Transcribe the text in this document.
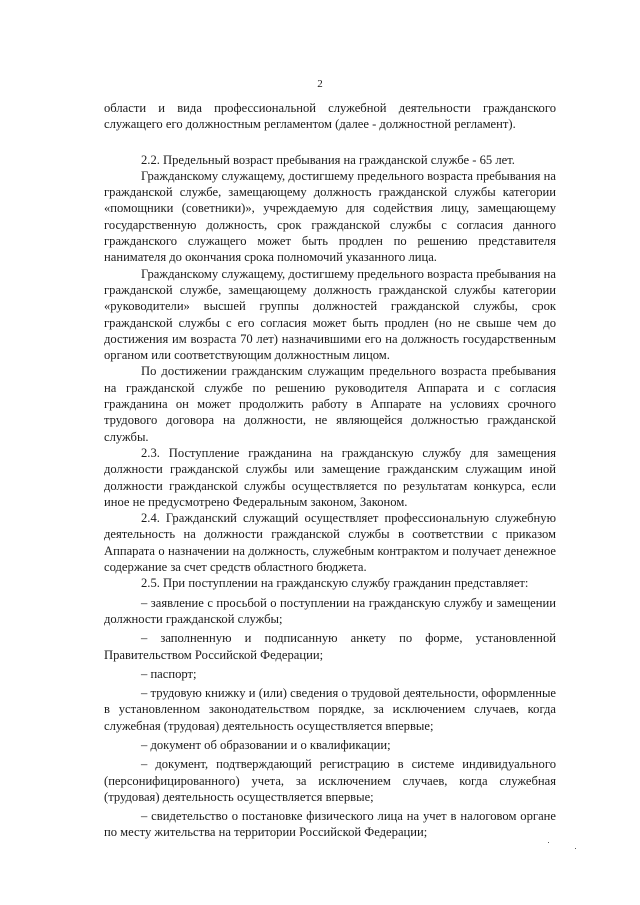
2

области и вида профессиональной служебной деятельности гражданского служащего его должностным регламентом (далее - должностной регламент).

2.2. Предельный возраст пребывания на гражданской службе - 65 лет.

Гражданскому служащему, достигшему предельного возраста пребывания на гражданской службе, замещающему должность гражданской службы категории «помощники (советники)», учреждаемую для содействия лицу, замещающему государственную должность, срок гражданской службы с согласия данного гражданского служащего может быть продлен по решению представителя нанимателя до окончания срока полномочий указанного лица.

Гражданскому служащему, достигшему предельного возраста пребывания на гражданской службе, замещающему должность гражданской службы категории «руководители» высшей группы должностей гражданской службы, срок гражданской службы с его согласия может быть продлен (но не свыше чем до достижения им возраста 70 лет) назначившими его на должность государственным органом или соответствующим должностным лицом.

По достижении гражданским служащим предельного возраста пребывания на гражданской службе по решению руководителя Аппарата и с согласия гражданина он может продолжить работу в Аппарате на условиях срочного трудового договора на должности, не являющейся должностью гражданской службы.

2.3. Поступление гражданина на гражданскую службу для замещения должности гражданской службы или замещение гражданским служащим иной должности гражданской службы осуществляется по результатам конкурса, если иное не предусмотрено Федеральным законом, Законом.

2.4. Гражданский служащий осуществляет профессиональную служебную деятельность на должности гражданской службы в соответствии с приказом Аппарата о назначении на должность, служебным контрактом и получает денежное содержание за счет средств областного бюджета.

2.5. При поступлении на гражданскую службу гражданин представляет:

– заявление с просьбой о поступлении на гражданскую службу и замещении должности гражданской службы;

– заполненную и подписанную анкету по форме, установленной Правительством Российской Федерации;

– паспорт;

– трудовую книжку и (или) сведения о трудовой деятельности, оформленные в установленном законодательством порядке, за исключением случаев, когда служебная (трудовая) деятельность осуществляется впервые;

– документ об образовании и о квалификации;

– документ, подтверждающий регистрацию в системе индивидуального (персонифицированного) учета, за исключением случаев, когда служебная (трудовая) деятельность осуществляется впервые;

– свидетельство о постановке физического лица на учет в налоговом органе по месту жительства на территории Российской Федерации;
